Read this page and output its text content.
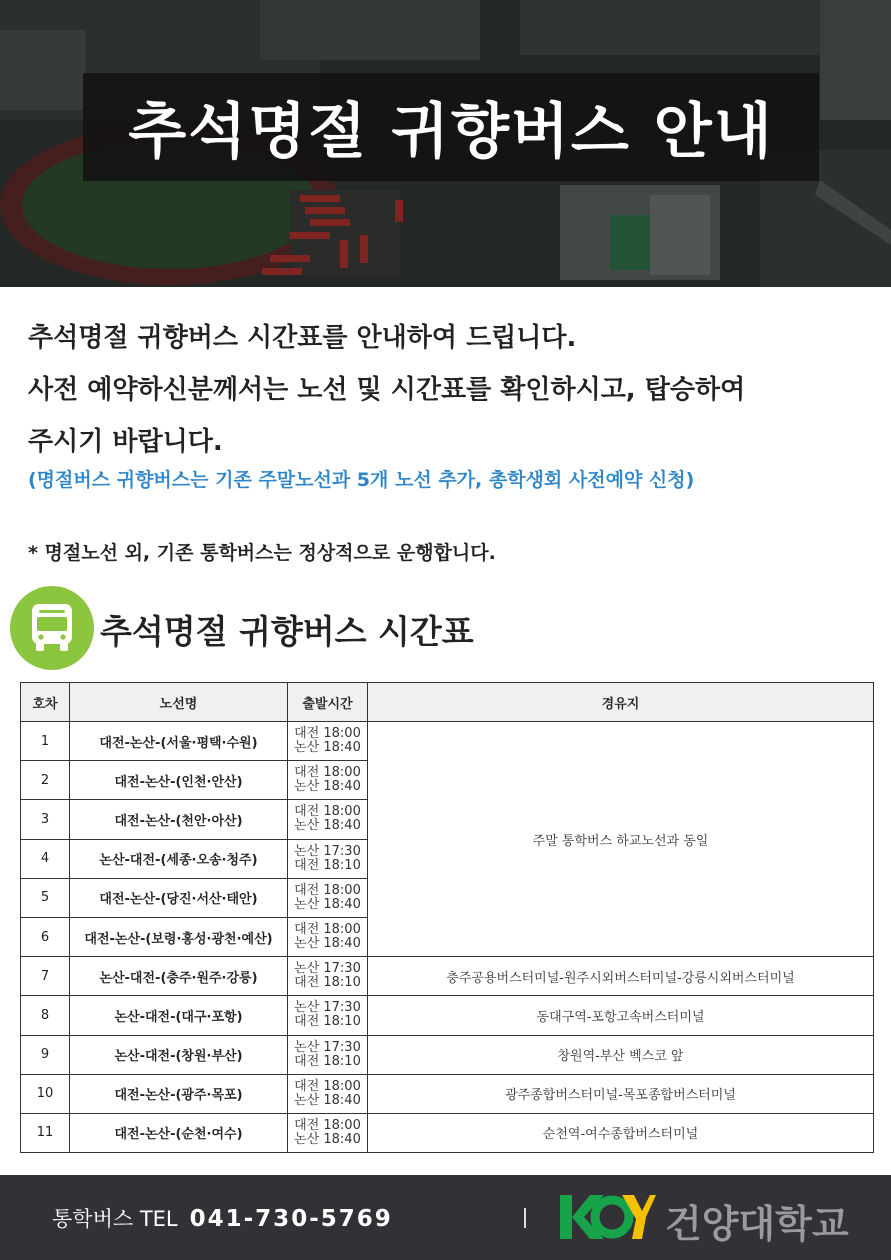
추석명절 귀향버스 안내
추석명절 귀향버스 시간표를 안내하여 드립니다.
사전 예약하신분께서는 노선 및 시간표를 확인하시고, 탑승하여
주시기 바랍니다.
(명절버스 귀향버스는 기존 주말노선과 5개 노선 추가, 총학생회 사전예약 신청)
* 명절노선 외, 기존 통학버스는 정상적으로 운행합니다.
추석명절 귀향버스 시간표
호차	노선명	출발시간	경유지
1	대전-논산-(서울·평택·수원)	대전 18:00
논산 18:40	주말 통학버스 하교노선과 동일
2	대전-논산-(인천·안산)	대전 18:00
논산 18:40	

3	대전-논산-(천안·아산)	대전 18:00
논산 18:40	

4	논산-대전-(세종·오송·청주)	논산 17:30
대전 18:10	

5	대전-논산-(당진·서산·태안)	대전 18:00
논산 18:40	

6	대전-논산-(보령·홍성·광천·예산)	대전 18:00
논산 18:40	

7	논산-대전-(충주·원주·강릉)	논산 17:30
대전 18:10	충주공용버스터미널-원주시외버스터미널-강릉시외버스터미널
8	논산-대전-(대구·포항)	논산 17:30
대전 18:10	동대구역-포항고속버스터미널
9	논산-대전-(창원·부산)	논산 17:30
대전 18:10	창원역-부산 벡스코 앞
10	대전-논산-(광주·목포)	대전 18:00
논산 18:40	광주종합버스터미널-목포종합버스터미널
11	대전-논산-(순천·여수)	대전 18:00
논산 18:40	순천역-여수종합버스터미널
통학버스 TEL 041-730-5769	건양대학교
